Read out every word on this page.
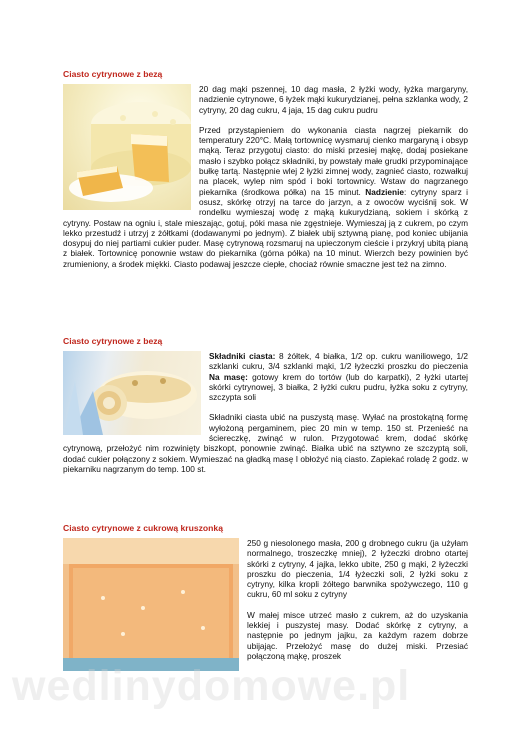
Ciasto cytrynowe z bezą

20 dag mąki pszennej, 10 dag masła, 2 łyżki wody, łyżka margaryny, nadzienie cytrynowe, 6 łyżek mąki kukurydzianej, pełna szklanka wody, 2 cytryny, 20 dag cukru, 4 jaja, 15 dag cukru pudru

Przed przystąpieniem do wykonania ciasta nagrzej piekarnik do temperatury 220°C. Małą tortownicę wysmaruj cienko margaryną i obsyp mąką. Teraz przygotuj ciasto: do miski przesiej mąkę, dodaj posiekane masło i szybko połącz składniki, by powstały małe grudki przypominające bułkę tartą. Następnie wlej 2 łyżki zimnej wody, zagnieć ciasto, rozwałkuj na placek, wylep nim spód i boki tortownicy. Wstaw do nagrzanego piekarnika (środkowa półka) na 15 minut. Nadzienie: cytryny sparz i osusz, skórkę otrzyj na tarce do jarzyn, a z owoców wyciśnij sok. W rondelku wymieszaj wodę z mąką kukurydzianą, sokiem i skórką z cytryny. Postaw na ogniu i, stale mieszając, gotuj, póki masa nie zgęstnieje. Wymieszaj ją z cukrem, po czym lekko przestudź i utrzyj z żółtkami (dodawanymi po jednym). Z białek ubij sztywną pianę, pod koniec ubijania dosypuj do niej partiami cukier puder. Masę cytrynową rozsmaruj na upieczonym cieście i przykryj ubitą pianą z białek. Tortownicę ponownie wstaw do piekarnika (górna półka) na 10 minut. Wierzch bezy powinien być zrumieniony, a środek miękki. Ciasto podawaj jeszcze ciepłe, chociaż równie smaczne jest też na zimno.

Ciasto cytrynowe z bezą

Składniki ciasta: 8 żółtek, 4 białka, 1/2 op. cukru waniliowego, 1/2 szklanki cukru, 3/4 szklanki mąki, 1/2 łyżeczki proszku do pieczenia Na masę: gotowy krem do tortów (lub do karpatki), 2 łyżki utartej skórki cytrynowej, 3 białka, 2 łyżki cukru pudru, łyżka soku z cytryny, szczypta soli

Składniki ciasta ubić na puszystą masę. Wyłać na prostokątną formę wyłożoną pergaminem, piec 20 min w temp. 150 st. Przenieść na ściereczkę, zwinąć w rulon. Przygotować krem, dodać skórkę cytrynową, przełożyć nim rozwinięty biszkopt, ponownie zwinąć. Białka ubić na sztywno ze szczyptą soli, dodać cukier połączony z sokiem. Wymieszać na gładką masę I obłożyć nią ciasto. Zapiekać roladę 2 godz. w piekarniku nagrzanym do temp. 100 st.

Ciasto cytrynowe z cukrową kruszonką

250 g niesolonego masła, 200 g drobnego cukru (ja użyłam normalnego, troszeczkę mniej), 2 łyżeczki drobno otartej skórki z cytryny, 4 jajka, lekko ubite, 250 g mąki, 2 łyżeczki proszku do pieczenia, 1/4 łyżeczki soli, 2 łyżki soku z cytryny, kilka kropli żółtego barwnika spożywczego, 110 g cukru, 60 ml soku z cytryny

W małej misce utrzeć masło z cukrem, aż do uzyskania lekkiej i puszystej masy. Dodać skórkę z cytryny, a następnie po jednym jajku, za każdym razem dobrze ubijając. Przełożyć masę do dużej miski. Przesiać połączoną mąkę, proszek

wedlinydomowe.pl
